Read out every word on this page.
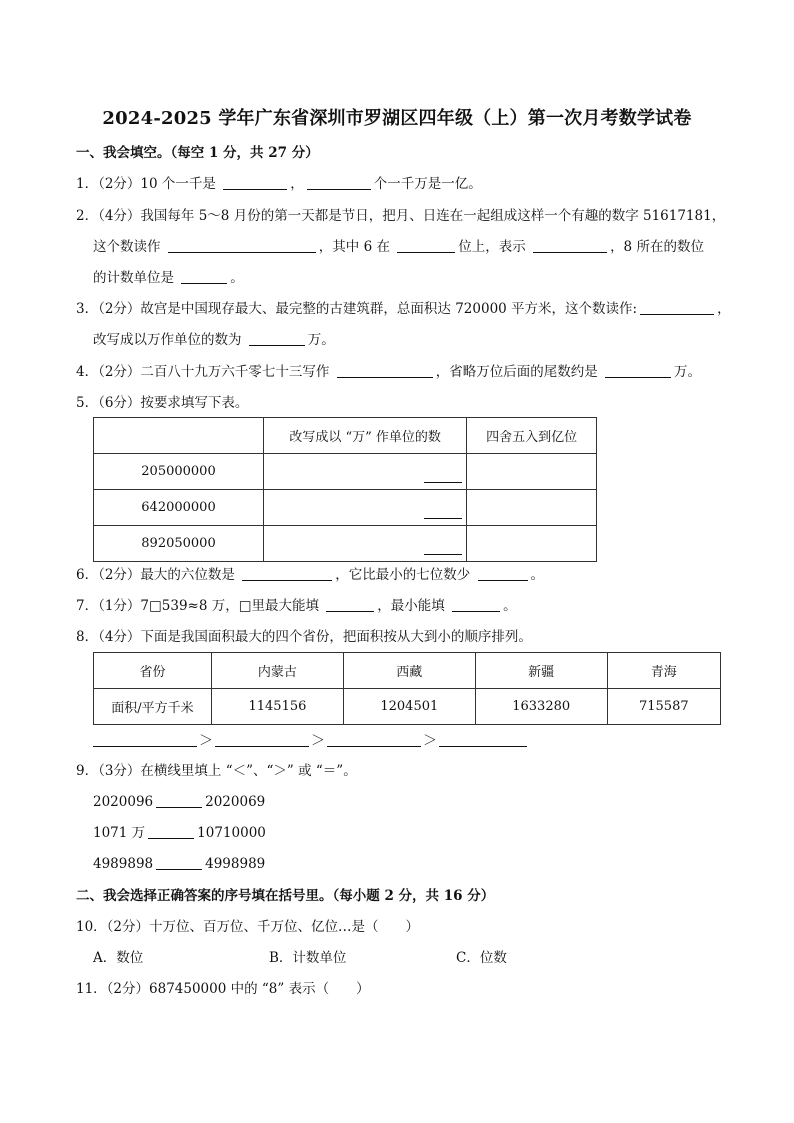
2024-2025 学年广东省深圳市罗湖区四年级（上）第一次月考数学试卷
一、我会填空。（每空 1 分，共 27 分）
1．（2分）10 个一千是	，	个一千万是一亿。
2．（4分）我国每年 5～8 月份的第一天都是节日，把月、日连在一起组成这样一个有趣的数字 51617181，
这个数读作	，其中 6 在	位上，表示	，8 所在的数位
的计数单位是	。
3．（2分）故宫是中国现存最大、最完整的古建筑群，总面积达 720000 平方米，这个数读作:	，
改写成以万作单位的数为	万。
4．（2分）二百八十九万六千零七十三写作	，省略万位后面的尾数约是	万。
5．（6分）按要求填写下表。
	改写成以 “万” 作单位的数	四舍五入到亿位
205000000	

642000000	

892050000	

6．（2分）最大的六位数是	，它比最小的七位数少	。
7．（1分）7□539≈8 万，□里最大能填	，最小能填	。
8．（4分）下面是我国面积最大的四个省份，把面积按从大到小的顺序排列。
省份	内蒙古	西藏	新疆	青海
面积/平方千米	1145156	1204501	1633280	715587
＞	＞	＞
9．（3分）在横线里填上 “＜”、“＞” 或 “＝”。
2020096	2020069
1071 万	10710000
4989898	4998989
二、我会选择正确答案的序号填在括号里。（每小题 2 分，共 16 分）
10．（2分）十万位、百万位、千万位、亿位…是（　　）
A．数位	B．计数单位	C．位数
11．（2分）687450000 中的 “8” 表示（　　）
